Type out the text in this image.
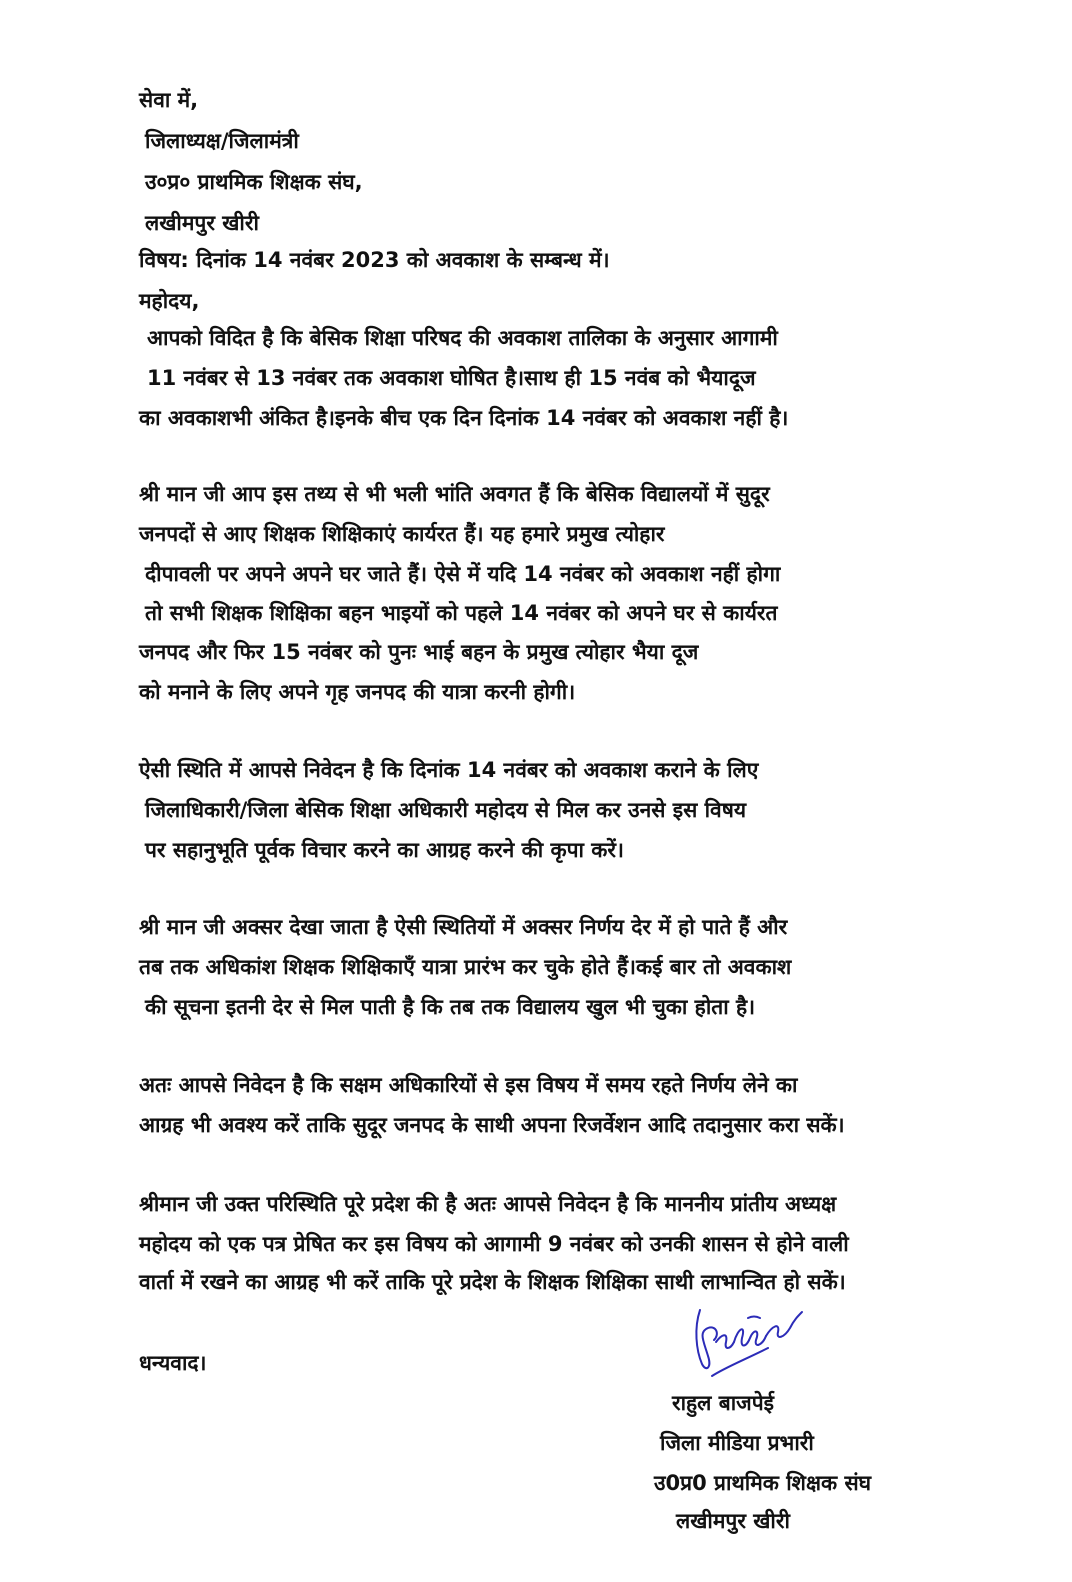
सेवा में,
जिलाध्यक्ष/जिलामंत्री
उ०प्र० प्राथमिक शिक्षक संघ,
लखीमपुर खीरी
विषय: दिनांक 14 नवंबर 2023 को अवकाश के सम्बन्ध में।
महोदय,
आपको विदित है कि बेसिक शिक्षा परिषद की अवकाश तालिका के अनुसार आगामी
11 नवंबर से 13 नवंबर तक अवकाश घोषित है।साथ ही 15 नवंब को भैयादूज
का अवकाशभी अंकित है।इनके बीच एक दिन दिनांक 14 नवंबर को अवकाश नहीं है।
श्री मान जी आप इस तथ्य से भी भली भांति अवगत हैं कि बेसिक विद्यालयों में सुदूर
जनपदों से आए शिक्षक शिक्षिकाएं कार्यरत हैं। यह हमारे प्रमुख त्योहार
दीपावली पर अपने अपने घर जाते हैं। ऐसे में यदि 14 नवंबर को अवकाश नहीं होगा
तो सभी शिक्षक शिक्षिका बहन भाइयों को पहले 14 नवंबर को अपने घर से कार्यरत
जनपद और फिर 15 नवंबर को पुनः भाई बहन के प्रमुख त्योहार भैया दूज
को मनाने के लिए अपने गृह जनपद की यात्रा करनी होगी।
ऐसी स्थिति में आपसे निवेदन है कि दिनांक 14 नवंबर को अवकाश कराने के लिए
जिलाधिकारी/जिला बेसिक शिक्षा अधिकारी महोदय से मिल कर उनसे इस विषय
पर सहानुभूति पूर्वक विचार करने का आग्रह करने की कृपा करें।
श्री मान जी अक्सर देखा जाता है ऐसी स्थितियों में अक्सर निर्णय देर में हो पाते हैं और
तब तक अधिकांश शिक्षक शिक्षिकाएँ यात्रा प्रारंभ कर चुके होते हैं।कई बार तो अवकाश
की सूचना इतनी देर से मिल पाती है कि तब तक विद्यालय खुल भी चुका होता है।
अतः आपसे निवेदन है कि सक्षम अधिकारियों से इस विषय में समय रहते निर्णय लेने का
आग्रह भी अवश्य करें ताकि सुदूर जनपद के साथी अपना रिजर्वेशन आदि तदानुसार करा सकें।
श्रीमान जी उक्त परिस्थिति पूरे प्रदेश की है अतः आपसे निवेदन है कि माननीय प्रांतीय अध्यक्ष
महोदय को एक पत्र प्रेषित कर इस विषय को आगामी 9 नवंबर को उनकी शासन से होने वाली
वार्ता में रखने का आग्रह भी करें ताकि पूरे प्रदेश के शिक्षक शिक्षिका साथी लाभान्वित हो सकें।
धन्यवाद।
राहुल बाजपेई
जिला मीडिया प्रभारी
उ0प्र0 प्राथमिक शिक्षक संघ
लखीमपुर खीरी
